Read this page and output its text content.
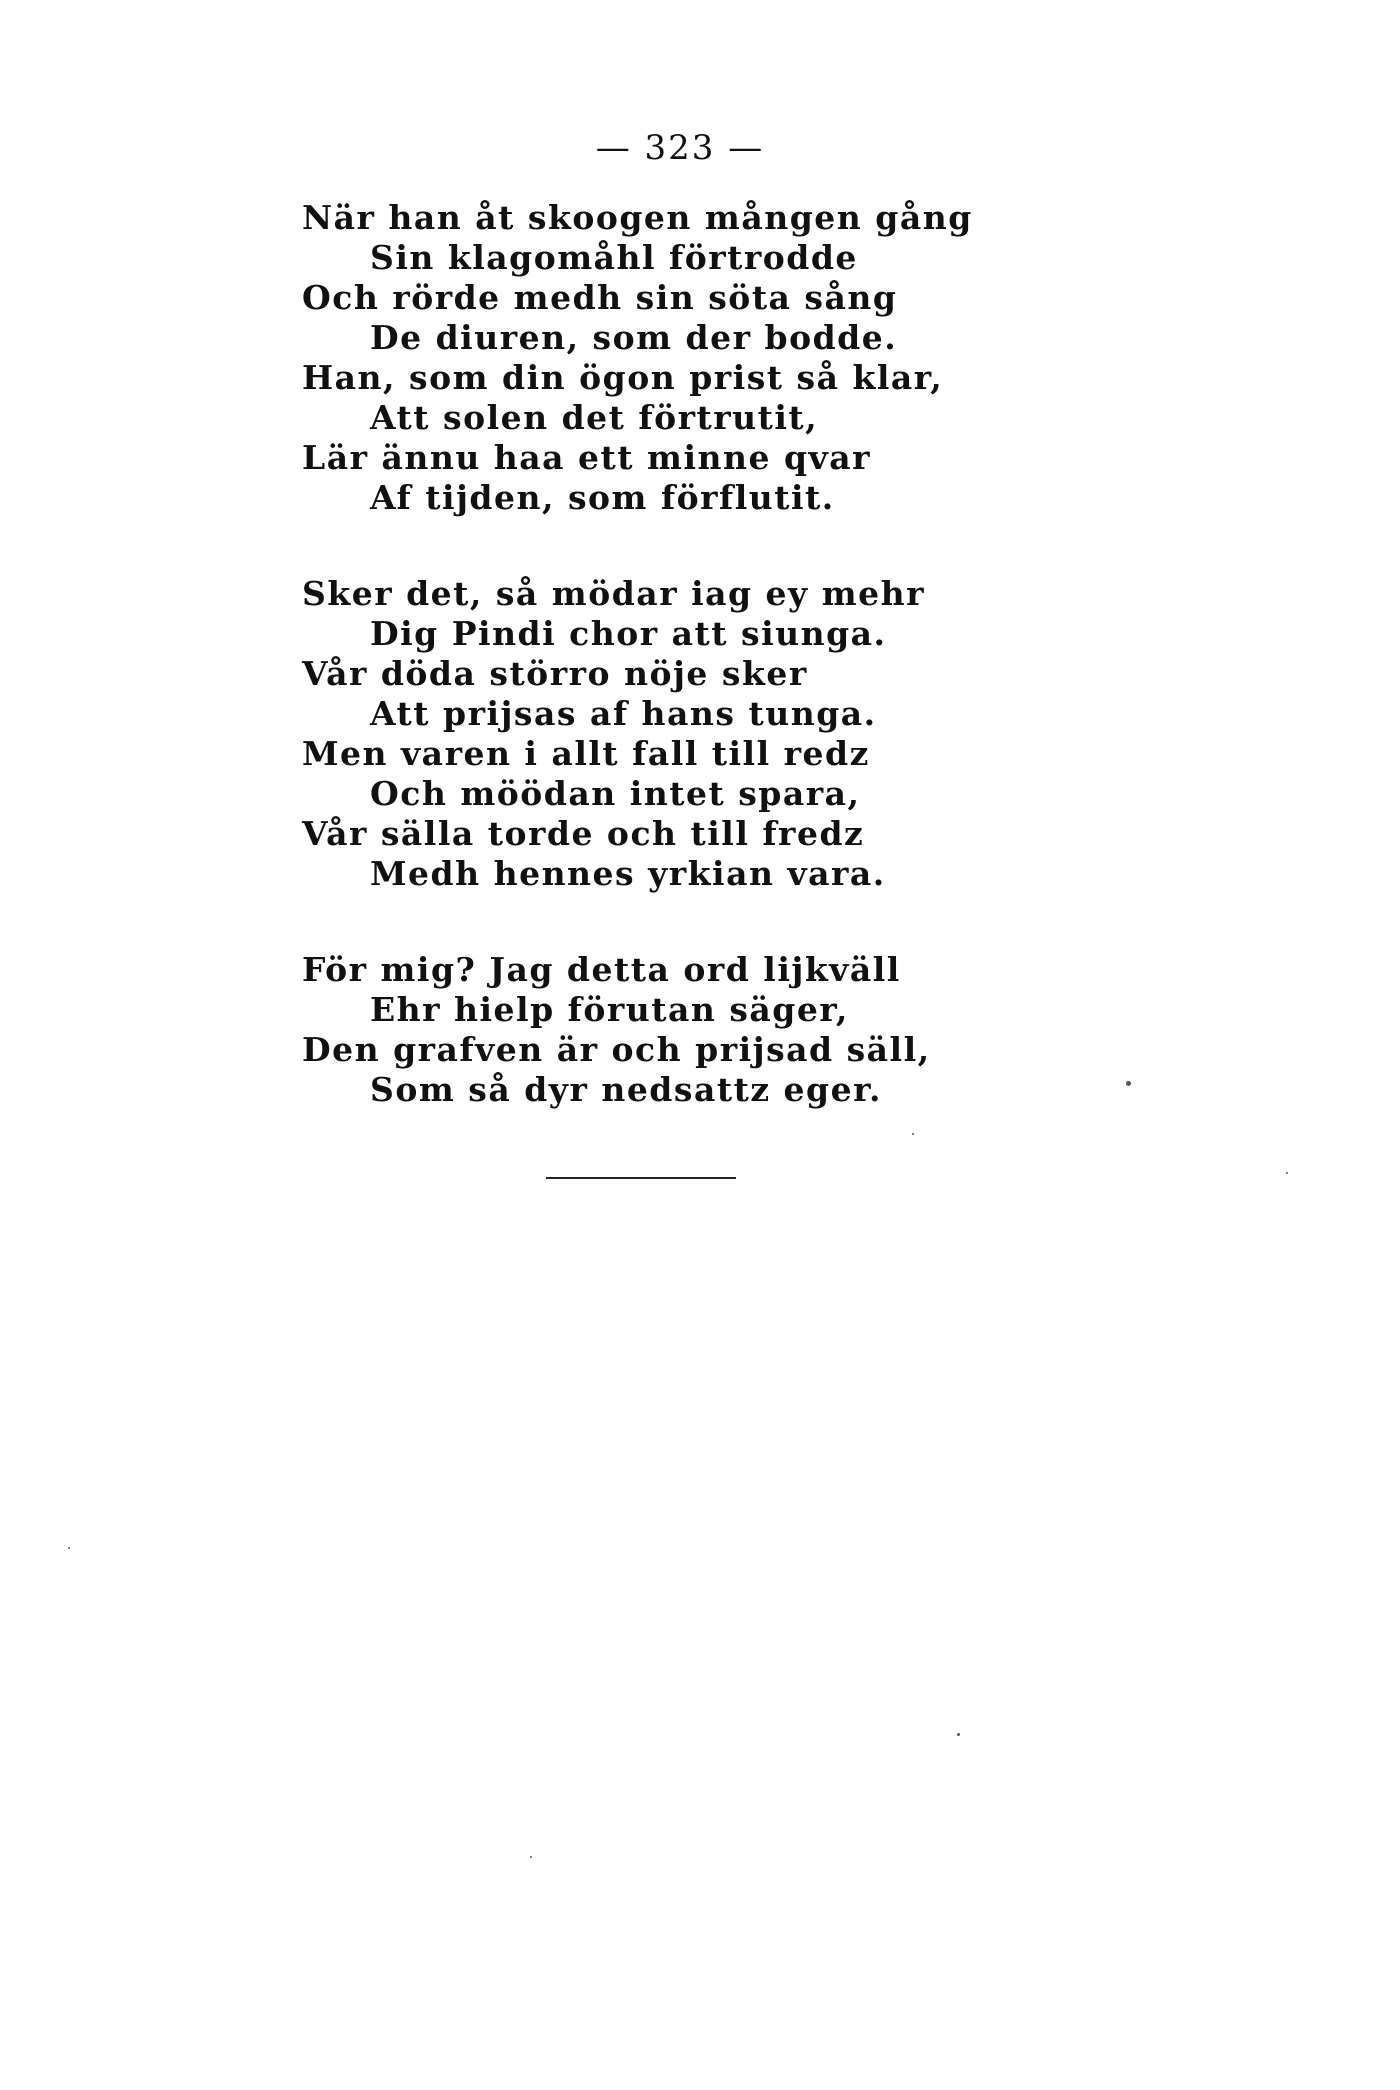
— 323 —
När han åt skoogen mången gång
Sin klagomåhl förtrodde
Och rörde medh sin söta sång
De diuren, som der bodde.
Han, som din ögon prist så klar,
Att solen det förtrutit,
Lär ännu haa ett minne qvar
Af tijden, som förflutit.
Sker det, så mödar iag ey mehr
Dig Pindi chor att siunga.
Vår döda störro nöje sker
Att prijsas af hans tunga.
Men varen i allt fall till redz
Och möödan intet spara,
Vår sälla torde och till fredz
Medh hennes yrkian vara.
För mig? Jag detta ord lijkväll
Ehr hielp förutan säger,
Den grafven är och prijsad säll,
Som så dyr nedsattz eger.
